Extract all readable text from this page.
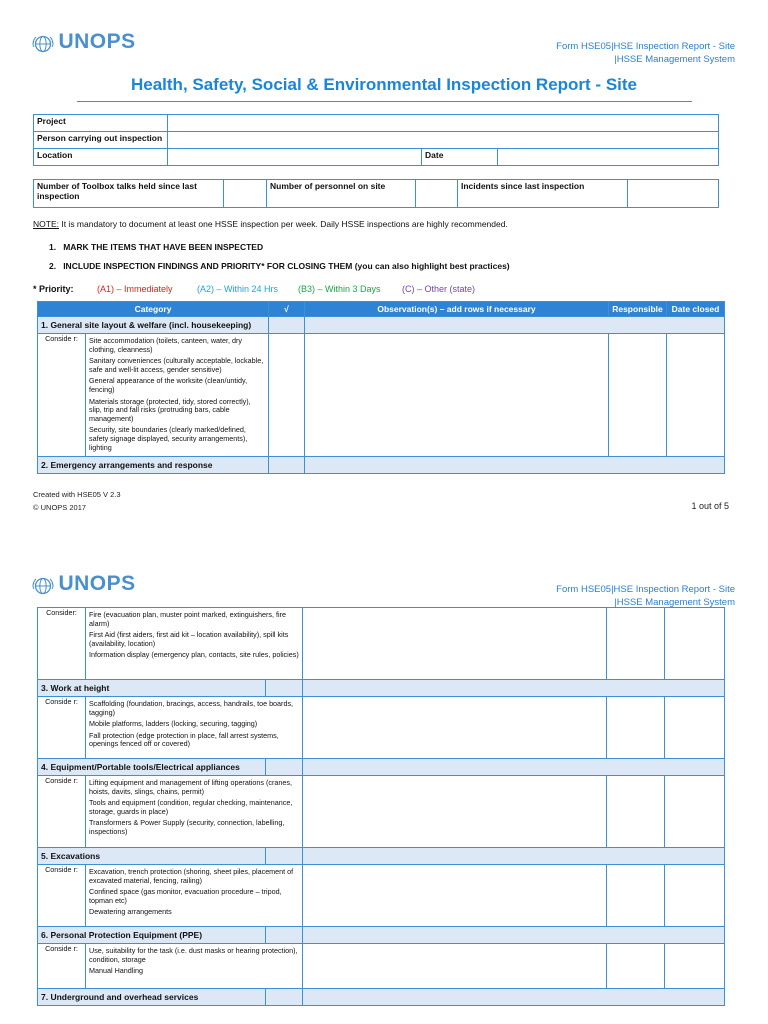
UNOPS	Form HSE05|HSE Inspection Report - Site
|HSSE Management System
Health, Safety, Social & Environmental Inspection Report - Site
Project			
Person carrying out inspection			
Location		Date	
Number of Toolbox talks held since last inspection		Number of personnel on site		Incidents since last inspection	
NOTE: It is mandatory to document at least one HSSE inspection per week. Daily HSSE inspections are highly recommended.
1. MARK THE ITEMS THAT HAVE BEEN INSPECTED
2. INCLUDE INSPECTION FINDINGS AND PRIORITY* FOR CLOSING THEM (you can also highlight best practices)
* Priority:	(A1) – Immediately	(A2) – Within 24 Hrs (B3) – Within 3 Days (C) – Other (state)
Category		√	Observation(s) – add rows if necessary	Responsible	Date closed
1. General site layout & welfare (incl. housekeeping)					
Conside r:	Site accommodation (toilets, canteen, water, dry clothing, cleanness)
Sanitary conveniences (culturally acceptable, lockable, safe and well-lit access, gender sensitive)
General appearance of the worksite (clean/untidy, fencing)
Materials storage (protected, tidy, stored correctly), slip, trip and fall risks (protruding bars, cable management)
Security, site boundaries (clearly marked/defined, safety signage displayed, security arrangements), lighting				

2. Emergency arrangements and response					
Created with HSE05 V 2.3
© UNOPS 2017	1 out of 5
UNOPS	Form HSE05|HSE Inspection Report - Site
|HSSE Management System
Consider:	Fire (evacuation plan, muster point marked, extinguishers, fire alarm)
First Aid (first aiders, first aid kit – location availability), spill kits (availability, location)
Information display (emergency plan, contacts, site rules, policies)			

3. Work at height				

Conside r:	Scaffolding (foundation, bracings, access, handrails, toe boards, tagging)
Mobile platforms, ladders (locking, securing, tagging)
Fall protection (edge protection in place, fall arrest systems, openings fenced off or covered)			

4. Equipment/Portable tools/Electrical appliances				

Conside r:	Lifting equipment and management of lifting operations (cranes, hoists, davits, slings, chains, permit)
Tools and equipment (condition, regular checking, maintenance, storage, guards in place)
Transformers & Power Supply (security, connection, labelling, inspections)			

5. Excavations				

Conside r:	Excavation, trench protection (shoring, sheet piles, placement of excavated material, fencing, railing)
Confined space (gas monitor, evacuation procedure – tripod, topman etc)
Dewatering arrangements			

6. Personal Protection Equipment (PPE)				

Conside r:	Use, suitability for the task (i.e. dust masks or hearing protection), condition, storage
Manual Handling			

7. Underground and overhead services				
